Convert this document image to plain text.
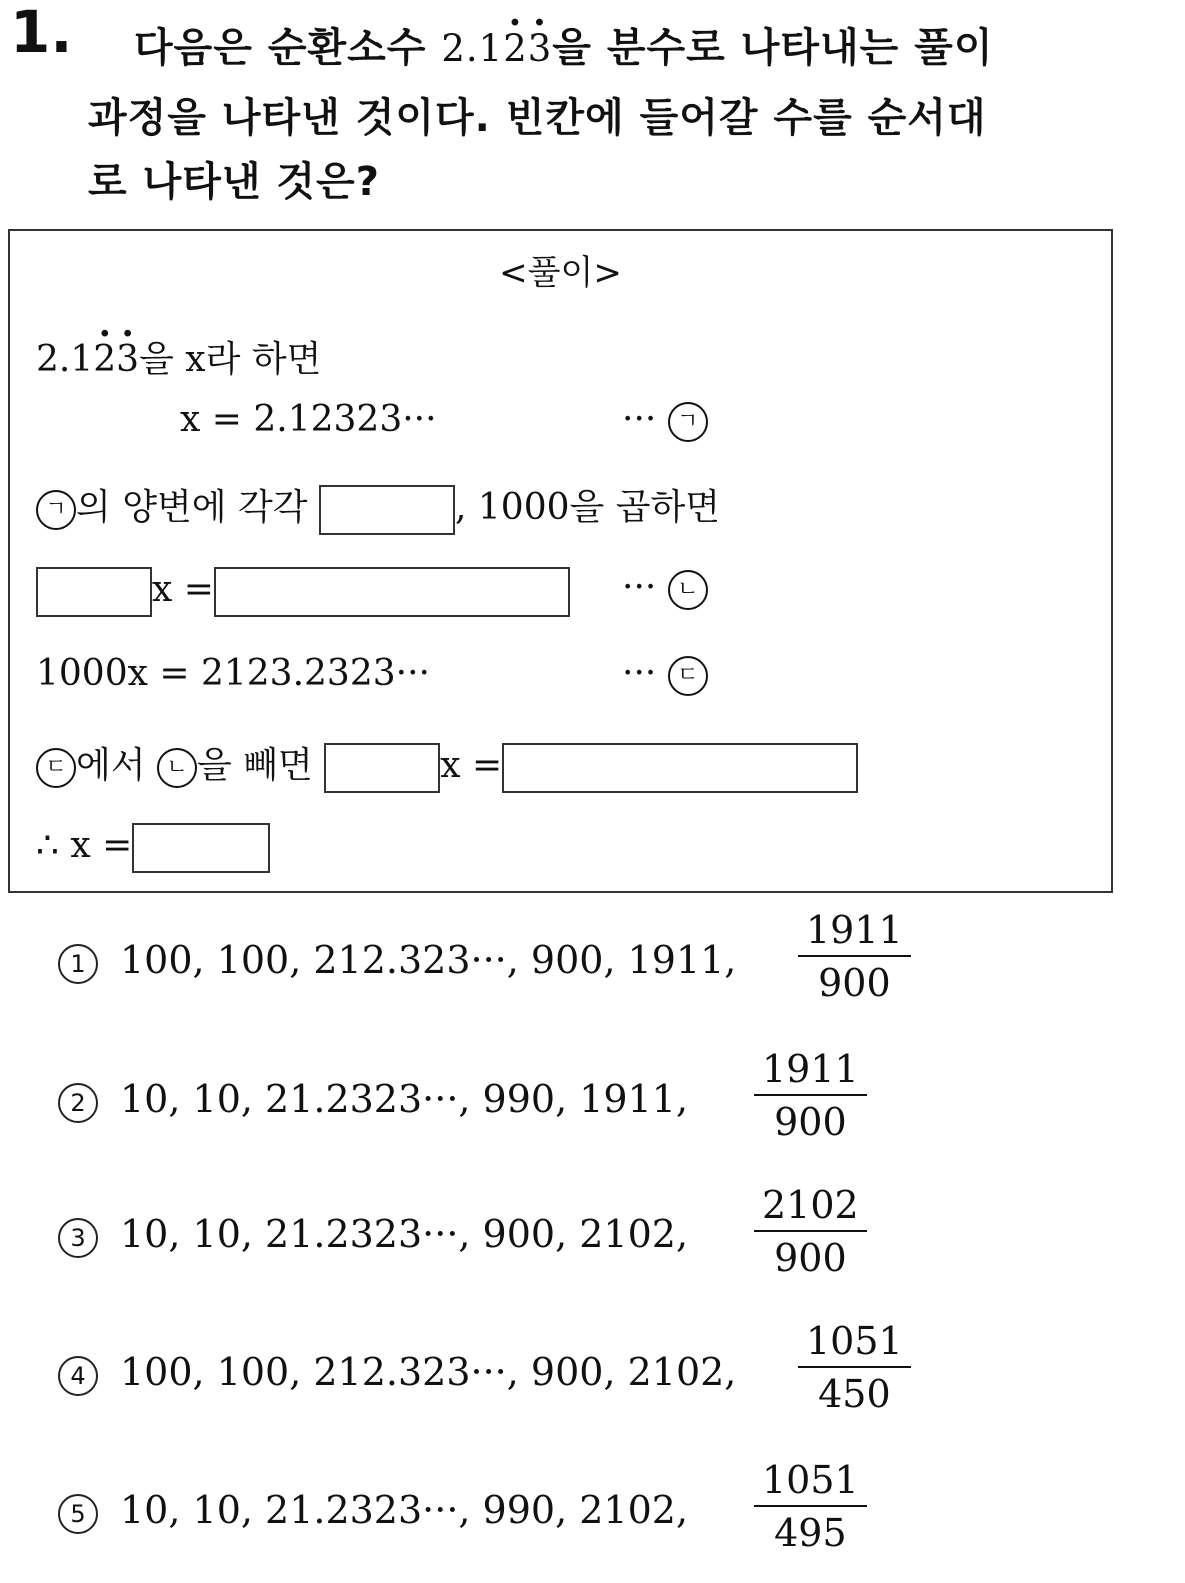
1. 다음은 순환소수 2.1· 2· 3을 분수로 나타내는 풀이
과정을 나타낸 것이다. 빈칸에 들어갈 수를 순서대
로 나타낸 것은?
<풀이>
2.1· 2· 3을 x라 하면
x = 2.12323···	··· ㄱ
ㄱ 의 양변에 각각	, 1000을 곱하면
x =	··· ㄴ
1000x = 2123.2323···	··· ㄷ
ㄷ 에서 ㄴ 을 빼면	x =
∴ x =
1 100, 100, 212.323···, 900, 1911, $\frac{1911}{900}$
2 10, 10, 21.2323···, 990, 1911, $\frac{1911}{900}$
3 10, 10, 21.2323···, 900, 2102, $\frac{2102}{900}$
4 100, 100, 212.323···, 900, 2102, $\frac{1051}{450}$
5 10, 10, 21.2323···, 990, 2102, $\frac{1051}{495}$
